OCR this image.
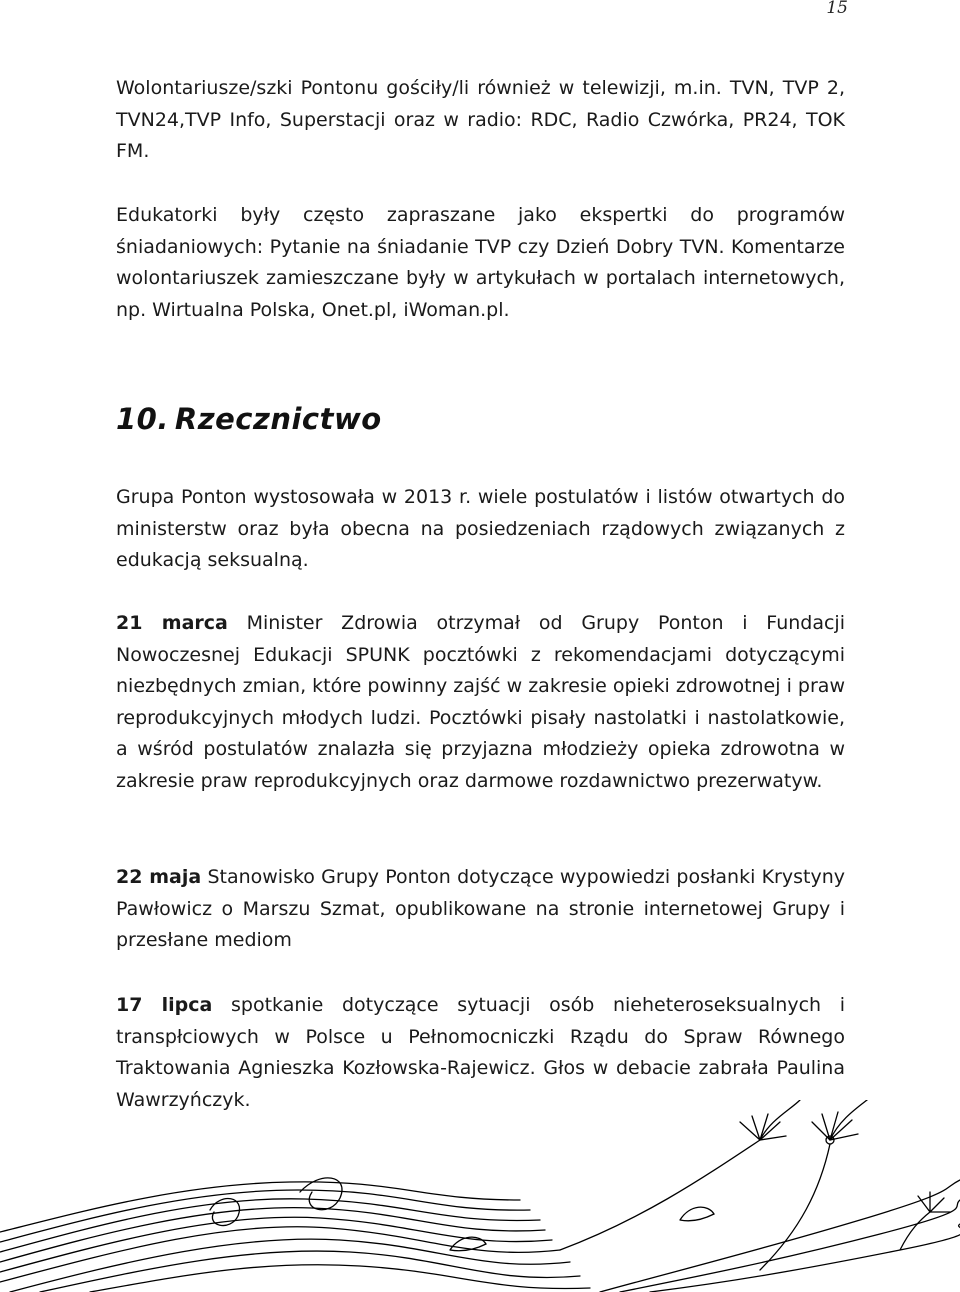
15

Wolontariusze/szki Pontonu gościły/li również w telewizji, m.in. TVN, TVP 2, TVN24,TVP Info, Superstacji oraz w radio: RDC, Radio Czwórka, PR24, TOK FM.

Edukatorki były często zapraszane jako ekspertki do programów śniadaniowych: Pytanie na śniadanie TVP czy Dzień Dobry TVN. Komentarze wolontariuszek zamieszczane były w artykułach w portalach internetowych, np. Wirtualna Polska, Onet.pl, iWoman.pl.

10. Rzecznictwo

Grupa Ponton wystosowała w 2013 r. wiele postulatów i listów otwartych do ministerstw oraz była obecna na posiedzeniach rządowych związanych z edukacją seksualną.

21 marca Minister Zdrowia otrzymał od Grupy Ponton i Fundacji Nowoczesnej Edukacji SPUNK pocztówki z rekomendacjami dotyczącymi niezbędnych zmian, które powinny zajść w zakresie opieki zdrowotnej i praw reprodukcyjnych młodych ludzi. Pocztówki pisały nastolatki i nastolatkowie, a wśród postulatów znalazła się przyjazna młodzieży opieka zdrowotna w zakresie praw reprodukcyjnych oraz darmowe rozdawnictwo prezerwatyw.

22 maja Stanowisko Grupy Ponton dotyczące wypowiedzi posłanki Krystyny Pawłowicz o Marszu Szmat, opublikowane na stronie internetowej Grupy i przesłane mediom

17 lipca spotkanie dotyczące sytuacji osób nieheteroseksualnych i transpłciowych w Polsce u Pełnomocniczki Rządu do Spraw Równego Traktowania Agnieszka Kozłowska-Rajewicz. Głos w debacie zabrała Paulina Wawrzyńczyk.
